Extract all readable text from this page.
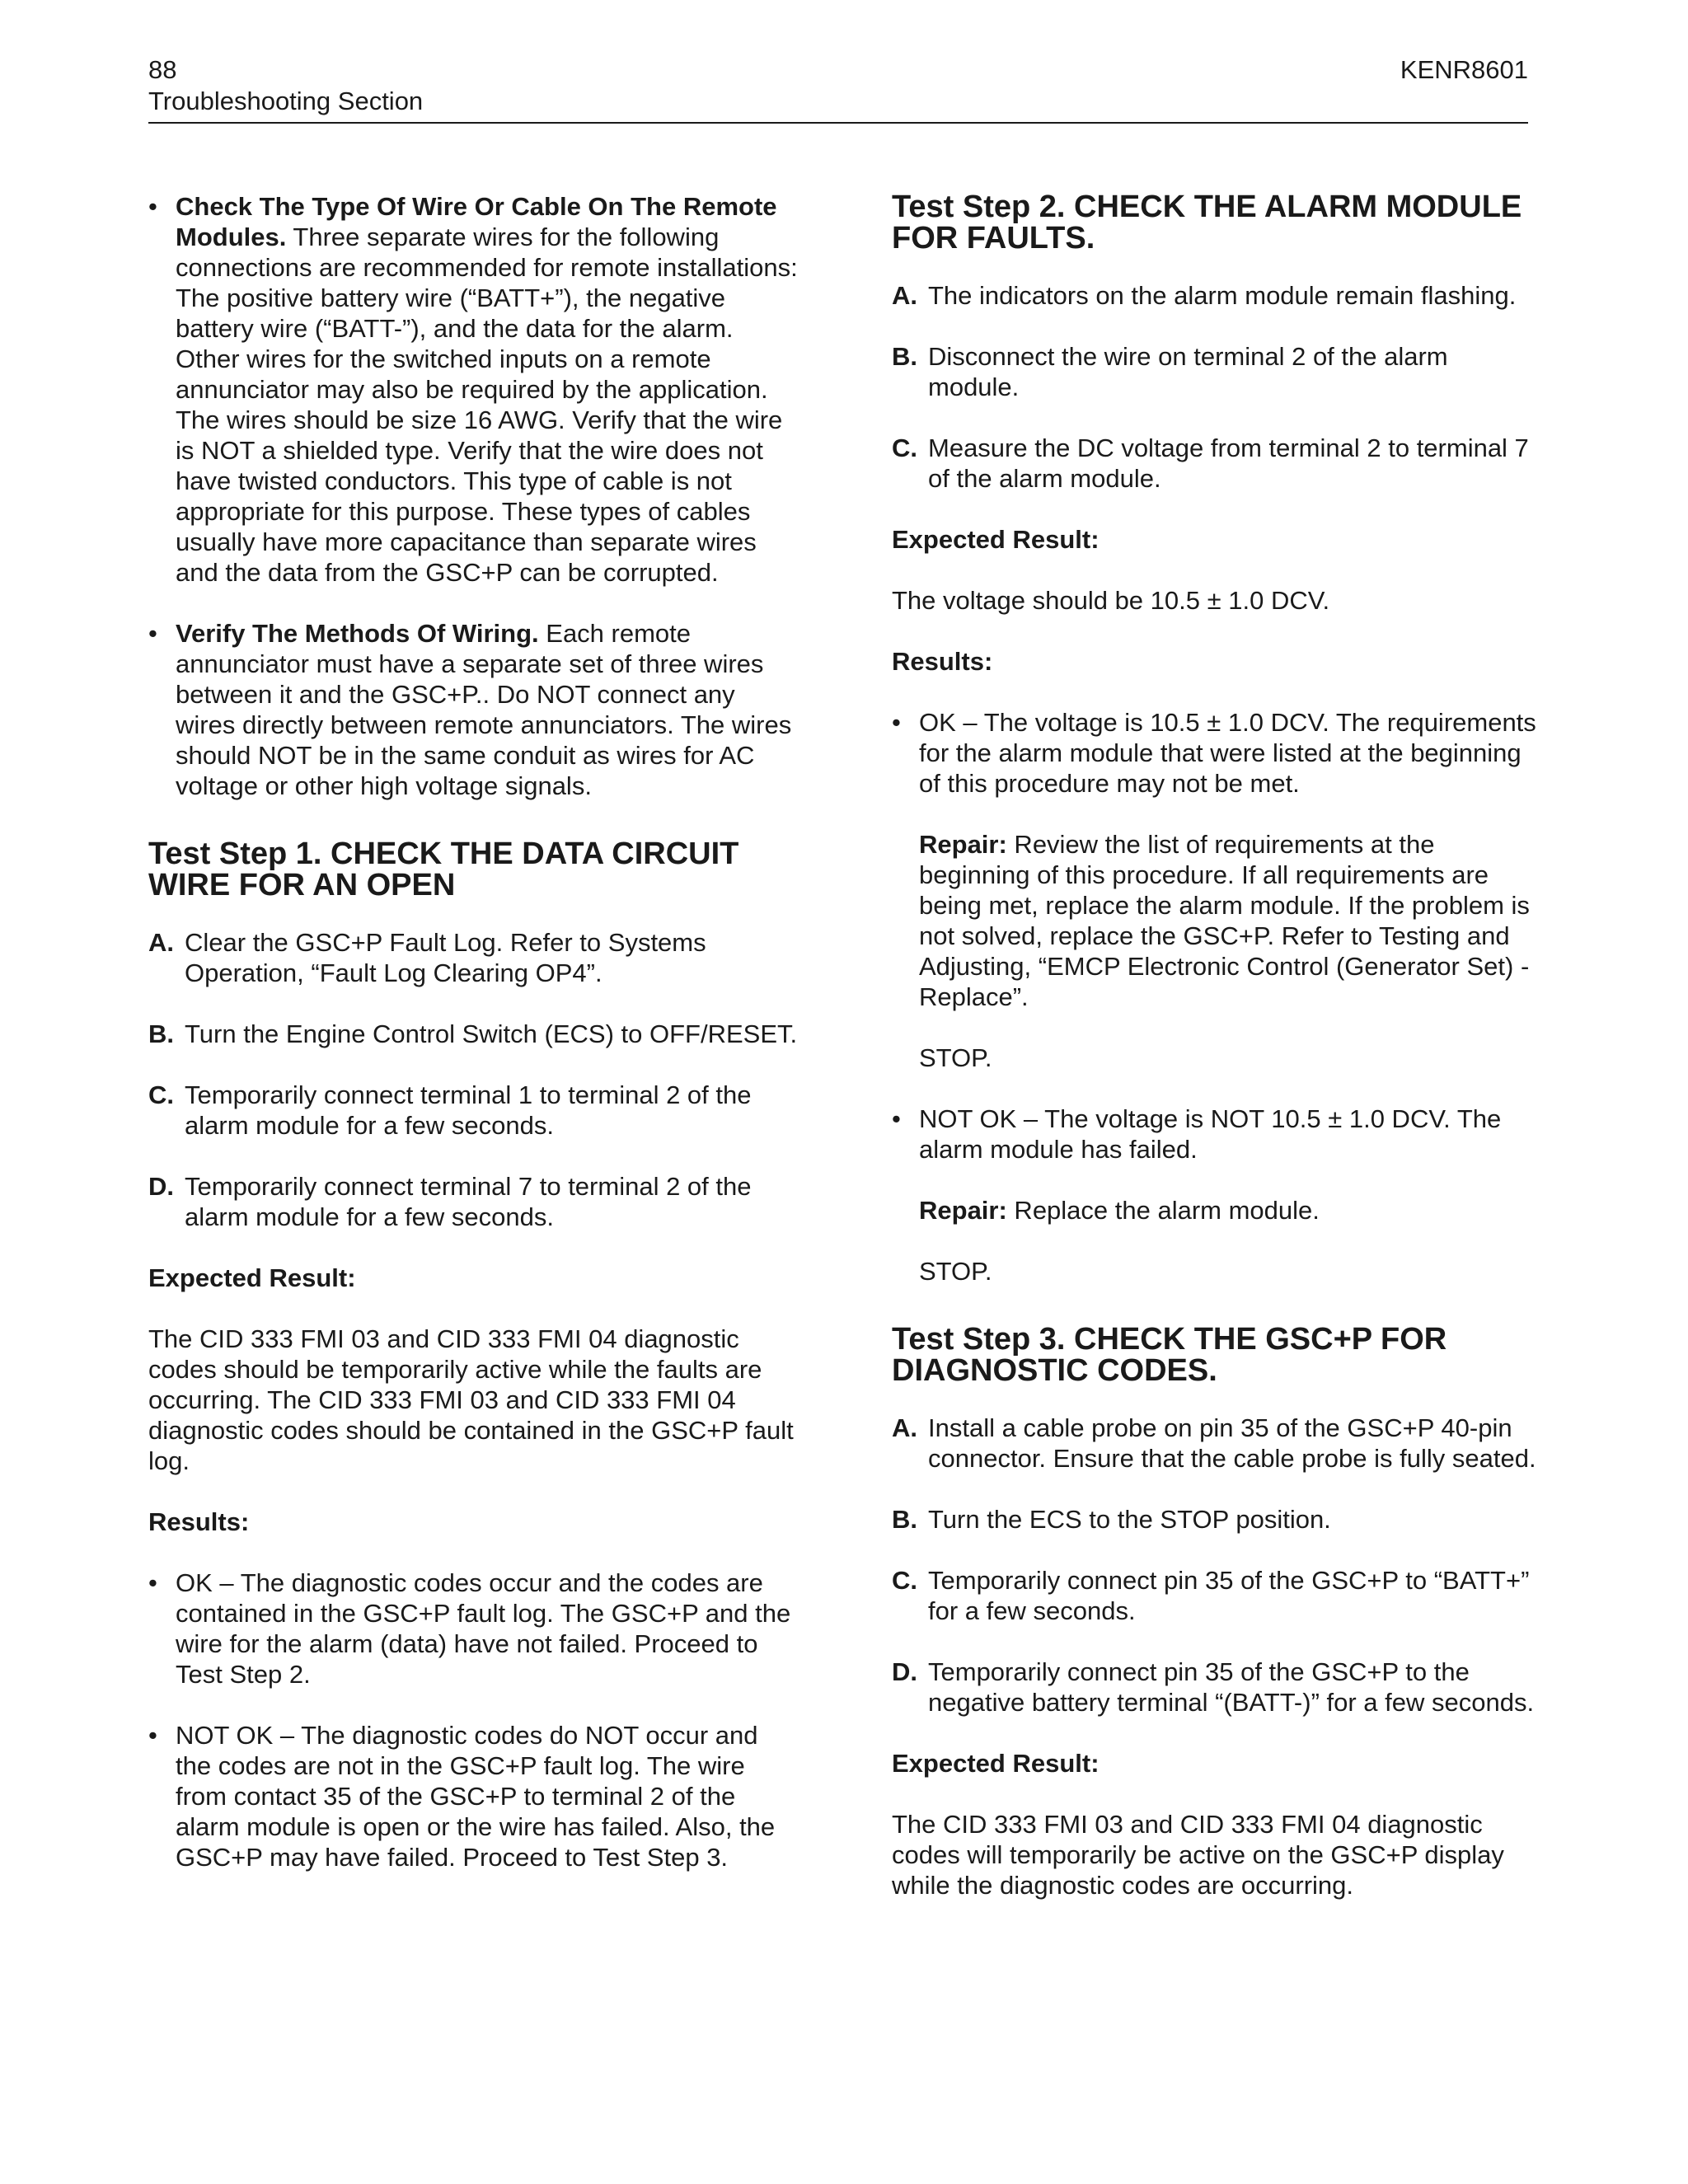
88
Troubleshooting Section
KENR8601
• Check The Type Of Wire Or Cable On The Remote Modules. Three separate wires for the following connections are recommended for remote installations: The positive battery wire (“BATT+”), the negative battery wire (“BATT-”), and the data for the alarm. Other wires for the switched inputs on a remote annunciator may also be required by the application. The wires should be size 16 AWG. Verify that the wire is NOT a shielded type. Verify that the wire does not have twisted conductors. This type of cable is not appropriate for this purpose. These types of cables usually have more capacitance than separate wires and the data from the GSC+P can be corrupted.

• Verify The Methods Of Wiring. Each remote annunciator must have a separate set of three wires between it and the GSC+P.. Do NOT connect any wires directly between remote annunciators. The wires should NOT be in the same conduit as wires for AC voltage or other high voltage signals.

Test Step 1. CHECK THE DATA CIRCUIT WIRE FOR AN OPEN
A. Clear the GSC+P Fault Log. Refer to Systems Operation, “Fault Log Clearing OP4”.

B. Turn the Engine Control Switch (ECS) to OFF/RESET.

C. Temporarily connect terminal 1 to terminal 2 of the alarm module for a few seconds.

D. Temporarily connect terminal 7 to terminal 2 of the alarm module for a few seconds.

Expected Result:

The CID 333 FMI 03 and CID 333 FMI 04 diagnostic codes should be temporarily active while the faults are occurring. The CID 333 FMI 03 and CID 333 FMI 04 diagnostic codes should be contained in the GSC+P fault log.

Results:

• OK – The diagnostic codes occur and the codes are contained in the GSC+P fault log. The GSC+P and the wire for the alarm (data) have not failed. Proceed to Test Step 2.

• NOT OK – The diagnostic codes do NOT occur and the codes are not in the GSC+P fault log. The wire from contact 35 of the GSC+P to terminal 2 of the alarm module is open or the wire has failed. Also, the GSC+P may have failed. Proceed to Test Step 3.

Test Step 2. CHECK THE ALARM MODULE FOR FAULTS.
A. The indicators on the alarm module remain flashing.

B. Disconnect the wire on terminal 2 of the alarm module.

C. Measure the DC voltage from terminal 2 to terminal 7 of the alarm module.

Expected Result:

The voltage should be 10.5 ± 1.0 DCV.

Results:

• OK – The voltage is 10.5 ± 1.0 DCV. The requirements for the alarm module that were listed at the beginning of this procedure may not be met.

Repair: Review the list of requirements at the beginning of this procedure. If all requirements are being met, replace the alarm module. If the problem is not solved, replace the GSC+P. Refer to Testing and Adjusting, “EMCP Electronic Control (Generator Set) - Replace”.

STOP.

• NOT OK – The voltage is NOT 10.5 ± 1.0 DCV. The alarm module has failed.

Repair: Replace the alarm module.

STOP.

Test Step 3. CHECK THE GSC+P FOR DIAGNOSTIC CODES.
A. Install a cable probe on pin 35 of the GSC+P 40-pin connector. Ensure that the cable probe is fully seated.

B. Turn the ECS to the STOP position.

C. Temporarily connect pin 35 of the GSC+P to “BATT+” for a few seconds.

D. Temporarily connect pin 35 of the GSC+P to the negative battery terminal “(BATT-)” for a few seconds.

Expected Result:

The CID 333 FMI 03 and CID 333 FMI 04 diagnostic codes will temporarily be active on the GSC+P display while the diagnostic codes are occurring.
